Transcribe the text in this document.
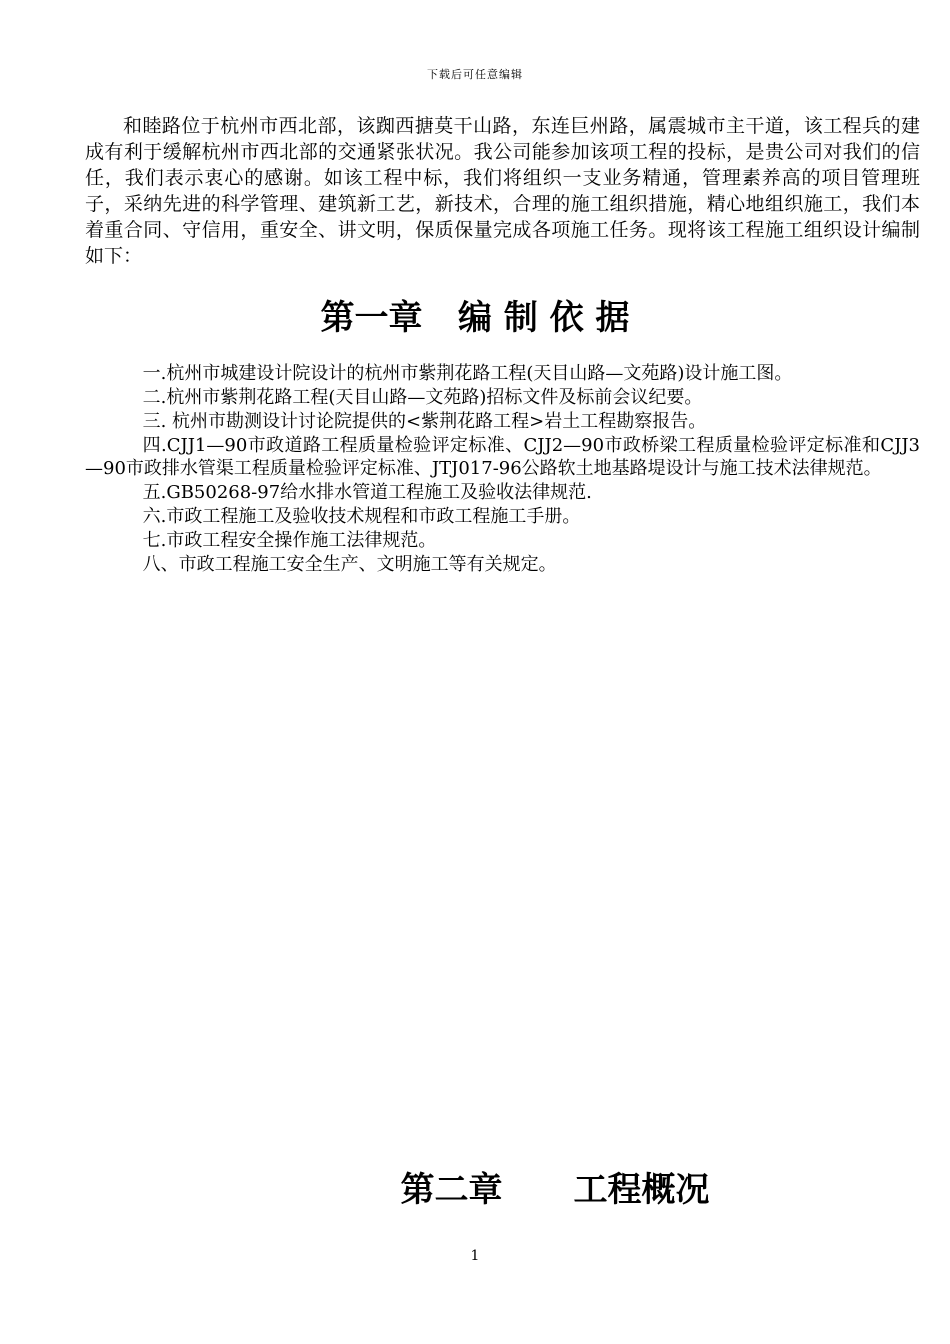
下载后可任意编辑

和睦路位于杭州市西北部，该踟西搪莫干山路，东连巨州路，属震城市主干道，该工程兵的建成有利于缓解杭州市西北部的交通紧张状况。我公司能参加该项工程的投标，是贵公司对我们的信任，我们表示衷心的感谢。如该工程中标，我们将组织一支业务精通，管理素养高的项目管理班子，采纳先进的科学管理、建筑新工艺，新技术，合理的施工组织措施，精心地组织施工，我们本着重合同、守信用，重安全、讲文明，保质保量完成各项施工任务。现将该工程施工组织设计编制如下：

第一章   编 制 依 据
一.杭州市城建设计院设计的杭州市紫荆花路工程(天目山路—文苑路)设计施工图。
二.杭州市紫荆花路工程(天目山路—文苑路)招标文件及标前会议纪要。
三. 杭州市勘测设计讨论院提供的<紫荆花路工程>岩土工程勘察报告。
四.CJJ1—90市政道路工程质量检验评定标准、CJJ2—90市政桥梁工程质量检验评定标准和CJJ3—90市政排水管渠工程质量检验评定标准、JTJ017-96公路软土地基路堤设计与施工技术法律规范。
五.GB50268-97给水排水管道工程施工及验收法律规范.
六.市政工程施工及验收技术规程和市政工程施工手册。
七.市政工程安全操作施工法律规范。
八、市政工程施工安全生产、文明施工等有关规定。
第二章      工程概况
1
